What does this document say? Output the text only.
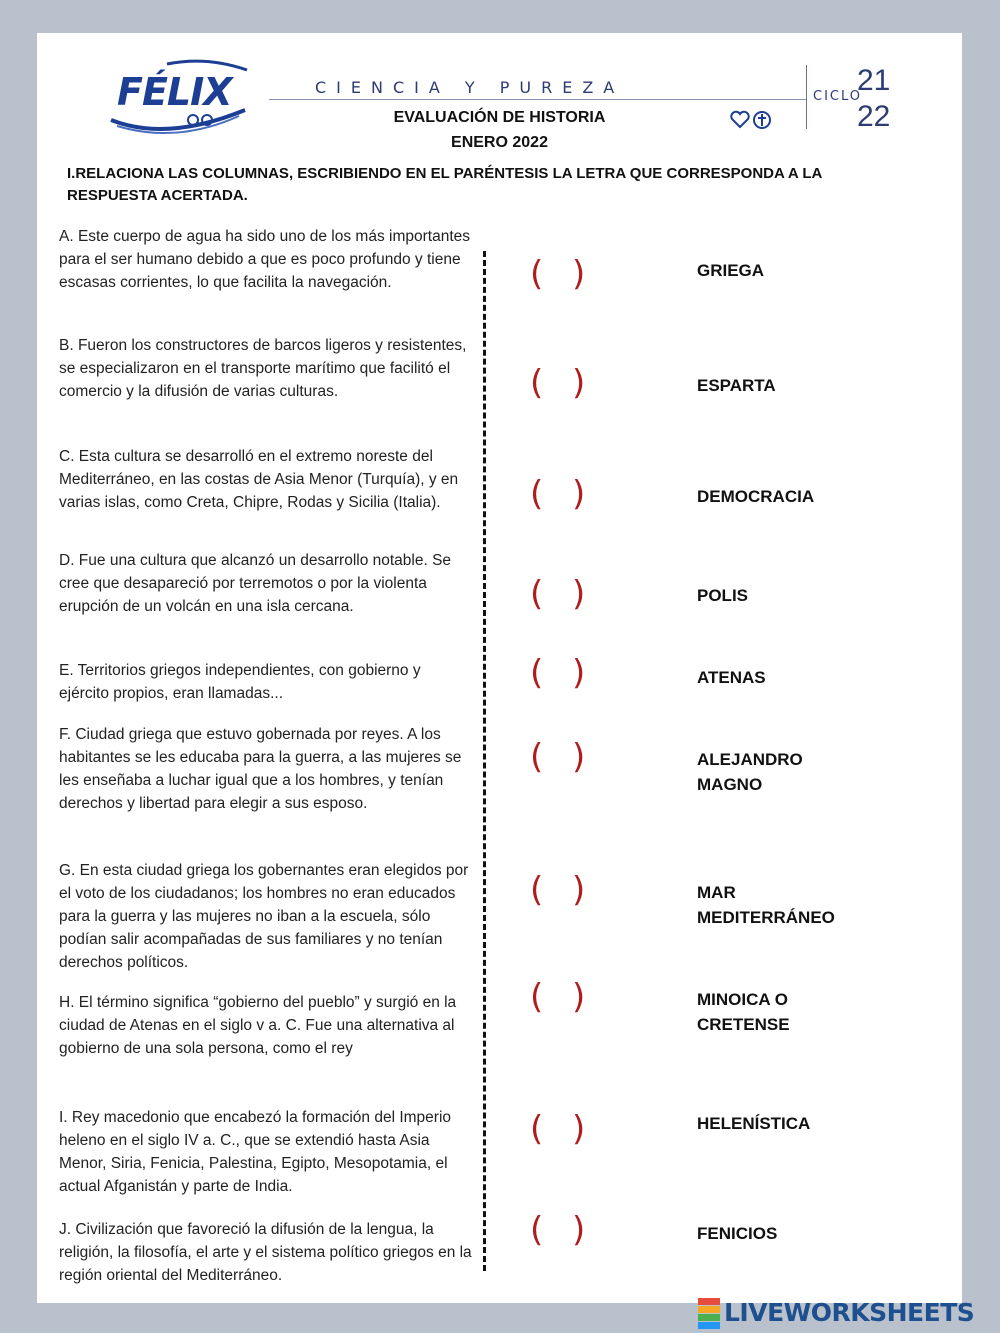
FÉLIX	CIENCIA Y PUREZA	CICLO
21
22
EVALUACIÓN DE HISTORIA
ENERO 2022
I.RELACIONA LAS COLUMNAS, ESCRIBIENDO EN EL PARÉNTESIS LA LETRA QUE CORRESPONDA A LA RESPUESTA ACERTADA.
A. Este cuerpo de agua ha sido uno de los más importantes para el ser humano debido a que es poco profundo y tiene escasas corrientes, lo que facilita la navegación.
B. Fueron los constructores de barcos ligeros y resistentes, se especializaron en el transporte marítimo que facilitó el comercio y la difusión de varias culturas.
C. Esta cultura se desarrolló en el extremo noreste del Mediterráneo, en las costas de Asia Menor (Turquía), y en varias islas, como Creta, Chipre, Rodas y Sicilia (Italia).
D. Fue una cultura que alcanzó un desarrollo notable. Se cree que desapareció por terremotos o por la violenta erupción de un volcán en una isla cercana.
E. Territorios griegos independientes, con gobierno y ejército propios, eran llamadas...
F. Ciudad griega que estuvo gobernada por reyes. A los habitantes se les educaba para la guerra, a las mujeres se les enseñaba a luchar igual que a los hombres, y tenían derechos y libertad para elegir a sus esposo.
G. En esta ciudad griega los gobernantes eran elegidos por el voto de los ciudadanos; los hombres no eran educados para la guerra y las mujeres no iban a la escuela, sólo podían salir acompañadas de sus familiares y no tenían derechos políticos.
H. El término significa “gobierno del pueblo” y surgió en la ciudad de Atenas en el siglo v a. C. Fue una alternativa al gobierno de una sola persona, como el rey
I. Rey macedonio que encabezó la formación del Imperio heleno en el siglo IV a. C., que se extendió hasta Asia Menor, Siria, Fenicia, Palestina, Egipto, Mesopotamia, el actual Afganistán y parte de India.
J. Civilización que favoreció la difusión de la lengua, la religión, la filosofía, el arte y el sistema político griegos en la región oriental del Mediterráneo.
( )
( )
( )
( )
( )
( )
( )
( )
( )
( )
GRIEGA
ESPARTA
DEMOCRACIA
POLIS
ATENAS
ALEJANDRO
MAGNO
MAR
MEDITERRÁNEO
MINOICA O
CRETENSE
HELENÍSTICA
FENICIOS
LIVEWORKSHEETS
